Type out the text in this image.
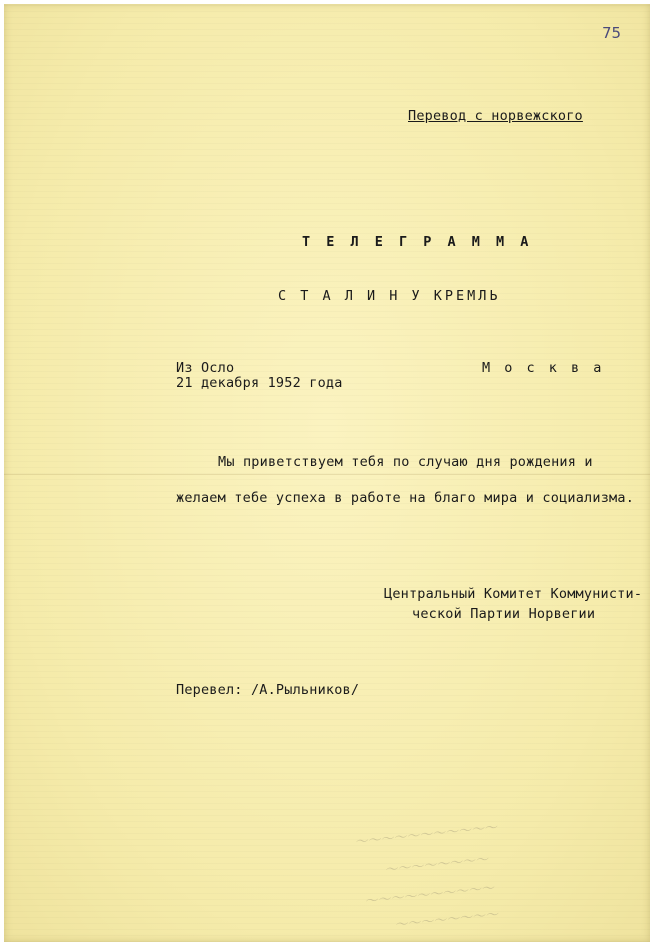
75
Перевод с норвежского
Т Е Л Е Г Р А М М А
С Т А Л И Н У КРЕМЛЬ
Из Осло
21 декабря 1952 года
М о с к в а
Мы приветствуем тебя по случаю дня рождения и
желаем тебе успеха в работе на благо мира и социализма.
Центральный Комитет Коммунисти-
ческой Партии Норвегии
Перевел: /А.Рыльников/
～～～～～～～～～～～
～～～～～～～～
～～～～～～～～～～
～～～～～～～～
